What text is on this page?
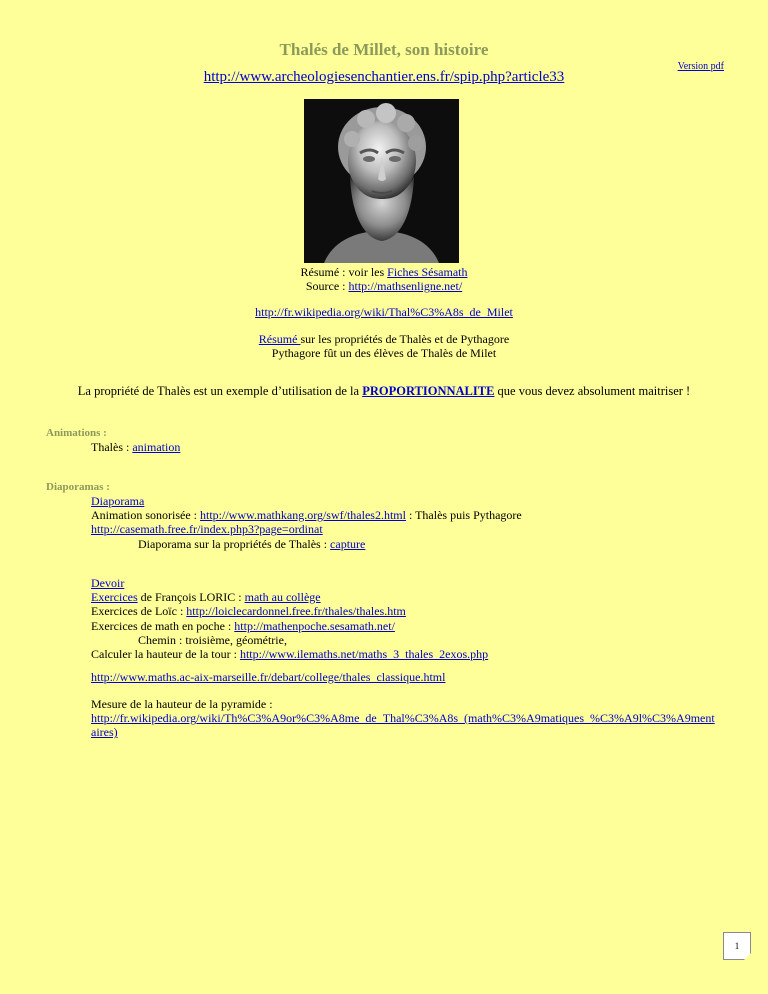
Thalés de Millet, son histoire
Version pdf
http://www.archeologiesenchantier.ens.fr/spip.php?article33
Résumé : voir les Fiches Sésamath
Source : http://mathsenligne.net/
http://fr.wikipedia.org/wiki/Thal%C3%A8s_de_Milet
Résumé sur les propriétés de Thalès et de Pythagore
Pythagore fût un des élèves de Thalès de Milet
La propriété de Thalès est un exemple d’utilisation de la PROPORTIONNALITE que vous devez absolument maitriser !
Animations :
Thalès : animation
Diaporamas :
Diaporama
Animation sonorisée : http://www.mathkang.org/swf/thales2.html : Thalès puis Pythagore
http://casemath.free.fr/index.php3?page=ordinat
Diaporama sur la propriétés de Thalès : capture
Devoir
Exercices de François LORIC : math au collège
Exercices de Loïc : http://loiclecardonnel.free.fr/thales/thales.htm
Exercices de math en poche : http://mathenpoche.sesamath.net/
Chemin : troisième, géométrie,
Calculer la hauteur de la tour : http://www.ilemaths.net/maths_3_thales_2exos.php
http://www.maths.ac-aix-marseille.fr/debart/college/thales_classique.html
Mesure de la hauteur de la pyramide :
http://fr.wikipedia.org/wiki/Th%C3%A9or%C3%A8me_de_Thal%C3%A8s_(math%C3%A9matiques_%C3%A9l%C3%A9mentaires)
1
